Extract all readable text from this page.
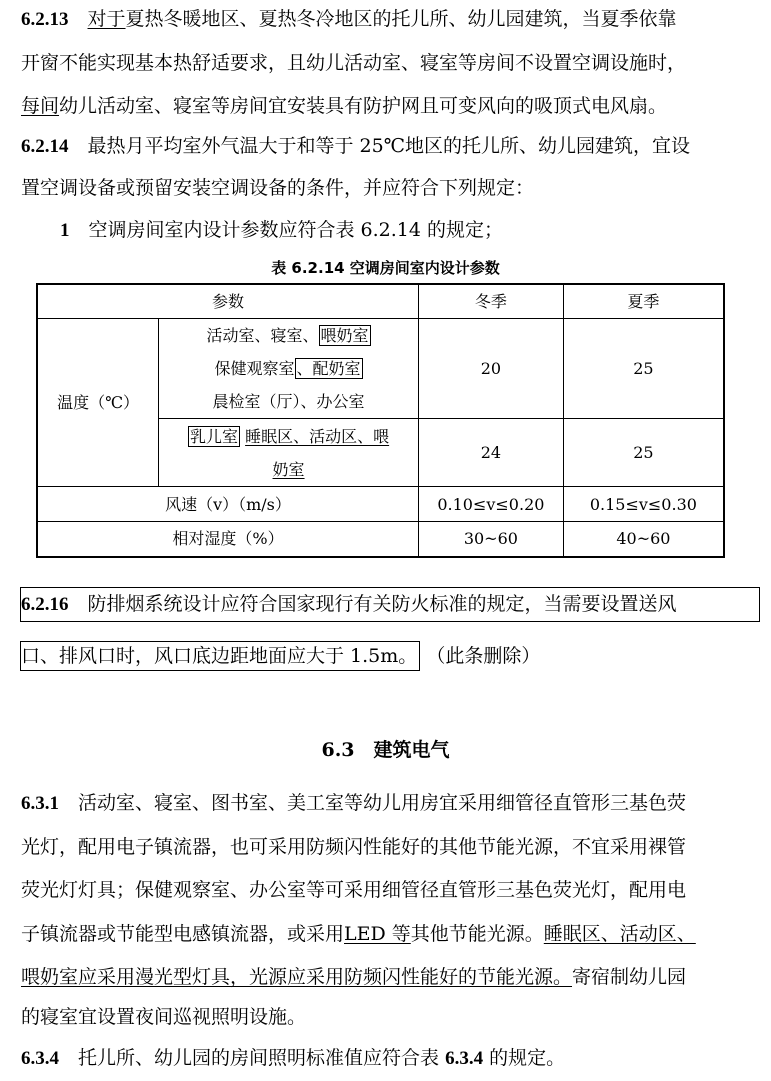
6.2.13　 对于夏热冬暖地区、夏热冬冷地区的托儿所、幼儿园建筑，当夏季依靠
开窗不能实现基本热舒适要求，且幼儿活动室、寝室等房间不设置空调设施时，
每间幼儿活动室、寝室等房间宜安装具有防护网且可变风向的吸顶式电风扇。
6.2.14　 最热月平均室外气温大于和等于 25℃地区的托儿所、幼儿园建筑，宜设
置空调设备或预留安装空调设备的条件，并应符合下列规定：
1　 空调房间室内设计参数应符合表 6.2.14 的规定；
表 6.2.14 空调房间室内设计参数
参数		冬季	夏季
温度（℃）	活动室、寝室、 喂奶室
保健观察室 、配奶室
晨检室（厅）、办公室	20	25

	乳儿室 睡眠区、活动区、喂
奶室	24	25
风速（v）（m/s）		0.10≤v≤0.20	0.15≤v≤0.30
相对湿度（%）		30~60	40~60
6.2.16　 防排烟系统设计应符合国家现行有关防火标准的规定，当需要设置送风
口、排风口时，风口底边距地面应大于 1.5m。 （此条删除）
6.3　建筑电气
6.3.1　 活动室、寝室、图书室、美工室等幼儿用房宜采用细管径直管形三基色荧
光灯，配用电子镇流器，也可采用防频闪性能好的其他节能光源，不宜采用裸管
荧光灯灯具；保健观察室、办公室等可采用细管径直管形三基色荧光灯，配用电
子镇流器或节能型电感镇流器，或采用LED 等其他节能光源。睡眠区、活动区、
喂奶室应采用漫光型灯具，光源应采用防频闪性能好的节能光源。寄宿制幼儿园
的寝室宜设置夜间巡视照明设施。
6.3.4　 托儿所、幼儿园的房间照明标准值应符合表 6.3.4 的规定。
